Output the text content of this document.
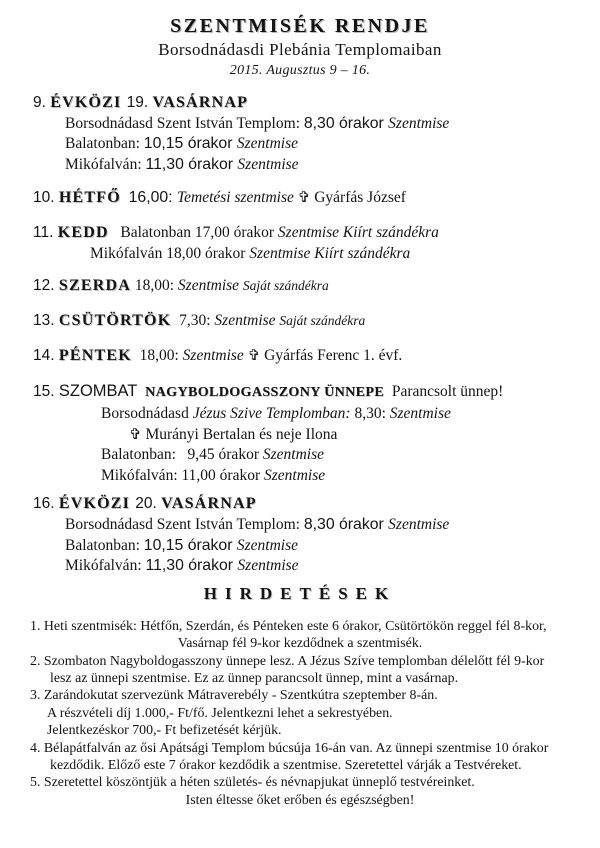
SZENTMISÉK RENDJE
Borsodnádasdi Plebánia Templomaiban
2015. Augusztus 9 – 16.
9. ÉVKÖZI 19. VASÁRNAP
Borsodnádasd Szent István Templom: 8,30 órakor Szentmise
Balatonban: 10,15 órakor Szentmise
Mikófalván: 11,30 órakor Szentmise
10. HÉTFŐ 16,00: Temetési szentmise ✞ Gyárfás József
11. KEDD   Balatonban 17,00 órakor Szentmise Kiírt szándékra
Mikófalván 18,00 órakor Szentmise Kiírt szándékra
12. SZERDA 18,00: Szentmise Saját szándékra
13. CSÜTÖRTÖK  7,30: Szentmise Saját szándékra
14. PÉNTEK  18,00: Szentmise ✞ Gyárfás Ferenc 1. évf.
15. SZOMBAT NAGYBOLDOGASSZONY ÜNNEPE  Parancsolt ünnep!
Borsodnádasd Jézus Szive Templomban: 8,30: Szentmise
✞ Murányi Bertalan és neje Ilona
Balatonban:   9,45 órakor Szentmise
Mikófalván: 11,00 órakor Szentmise
16. ÉVKÖZI 20. VASÁRNAP
Borsodnádasd Szent István Templom: 8,30 órakor Szentmise
Balatonban: 10,15 órakor Szentmise
Mikófalván: 11,30 órakor Szentmise
HIRDETÉSEK
1. Heti szentmisék: Hétfőn, Szerdán, és Pénteken este 6 órakor, Csütörtökön reggel fél 8-kor,
Vasárnap fél 9-kor kezdődnek a szentmisék.
2. Szombaton Nagyboldogasszony ünnepe lesz. A Jézus Szíve templomban délelőtt fél 9-kor
lesz az ünnepi szentmise. Ez az ünnep parancsolt ünnep, mint a vasárnap.
3. Zarándokutat szervezünk Mátraverebély - Szentkútra szeptember 8-án.
A részvételi díj 1.000,- Ft/fő. Jelentkezni lehet a sekrestyében.
Jelentkezéskor 700,- Ft befizetését kérjük.
4. Bélapátfalván az ősi Apátsági Templom búcsúja 16-án van. Az ünnepi szentmise 10 órakor
kezdődik. Előző este 7 órakor kezdődik a szentmise. Szeretettel várják a Testvéreket.
5. Szeretettel köszöntjük a héten születés- és névnapjukat ünneplő testvéreinket.
Isten éltesse őket erőben és egészségben!
